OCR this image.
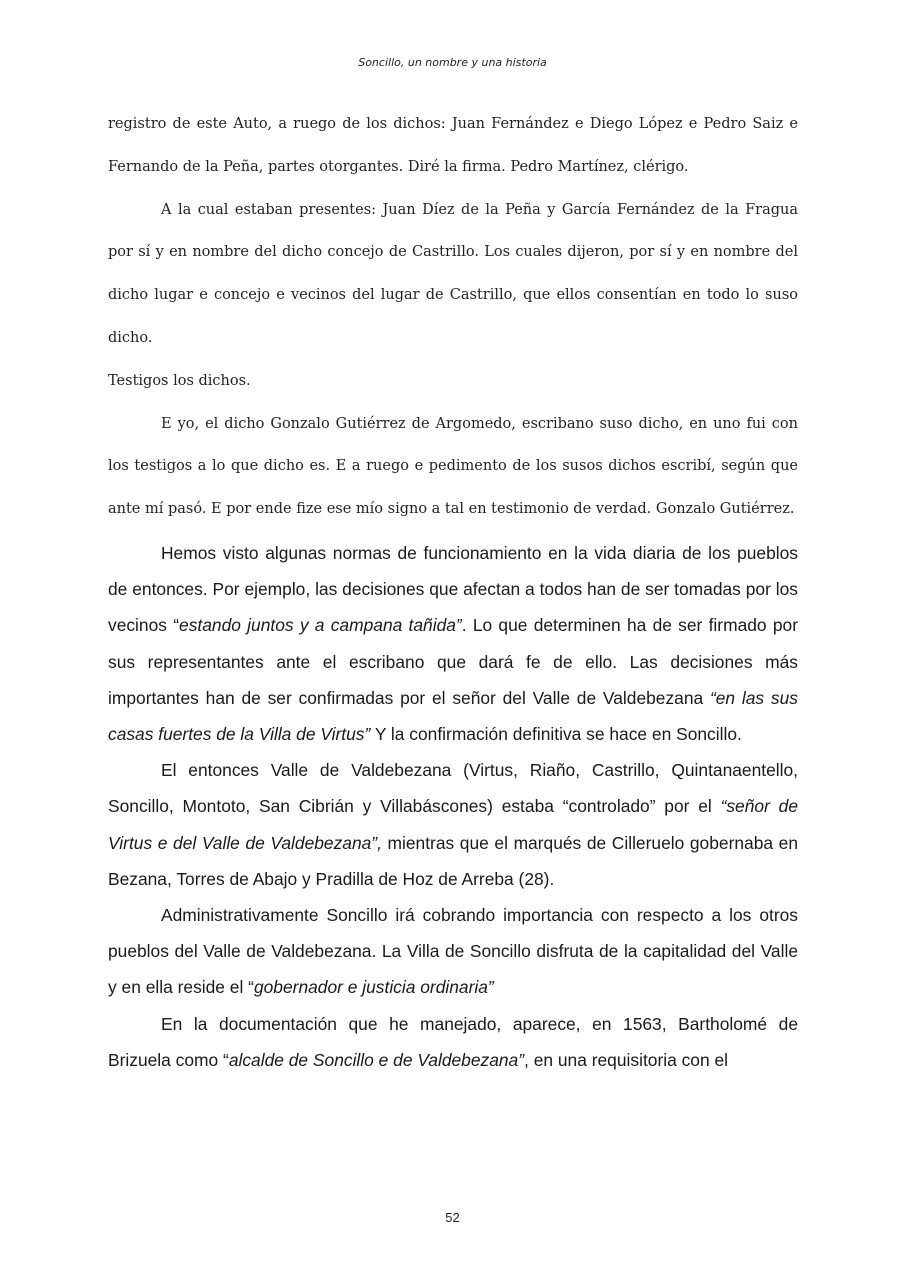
Soncillo, un nombre y una historia

registro de este Auto, a ruego de los dichos: Juan Fernández e Diego López e Pedro Saiz e Fernando de la Peña, partes otorgantes. Diré la firma. Pedro Martínez, clérigo.

A la cual estaban presentes: Juan Díez de la Peña y García Fernández de la Fragua por sí y en nombre del dicho concejo de Castrillo. Los cuales dijeron, por sí y en nombre del dicho lugar e concejo e vecinos del lugar de Castrillo, que ellos consentían en todo lo suso dicho.

Testigos los dichos.

E yo, el dicho Gonzalo Gutiérrez de Argomedo, escribano suso dicho, en uno fui con los testigos a lo que dicho es. E a ruego e pedimento de los susos dichos escribí, según que ante mí pasó. E por ende fize ese mío signo a tal en testimonio de verdad. Gonzalo Gutiérrez.

Hemos visto algunas normas de funcionamiento en la vida diaria de los pueblos de entonces. Por ejemplo, las decisiones que afectan a todos han de ser tomadas por los vecinos “estando juntos y a campana tañida”. Lo que determinen ha de ser firmado por sus representantes ante el escribano que dará fe de ello. Las decisiones más importantes han de ser confirmadas por el señor del Valle de Valdebezana “en las sus casas fuertes de la Villa de Virtus” Y la confirmación definitiva se hace en Soncillo.

El entonces Valle de Valdebezana (Virtus, Riaño, Castrillo, Quintanaentello, Soncillo, Montoto, San Cibrián y Villabáscones) estaba “controlado” por el “señor de Virtus e del Valle de Valdebezana”, mientras que el marqués de Cilleruelo gobernaba en Bezana, Torres de Abajo y Pradilla de Hoz de Arreba (28).

Administrativamente Soncillo irá cobrando importancia con respecto a los otros pueblos del Valle de Valdebezana. La Villa de Soncillo disfruta de la capitalidad del Valle y en ella reside el “gobernador e justicia ordinaria”

En la documentación que he manejado, aparece, en 1563, Bartholomé de Brizuela como “alcalde de Soncillo e de Valdebezana”, en una requisitoria con el

52
